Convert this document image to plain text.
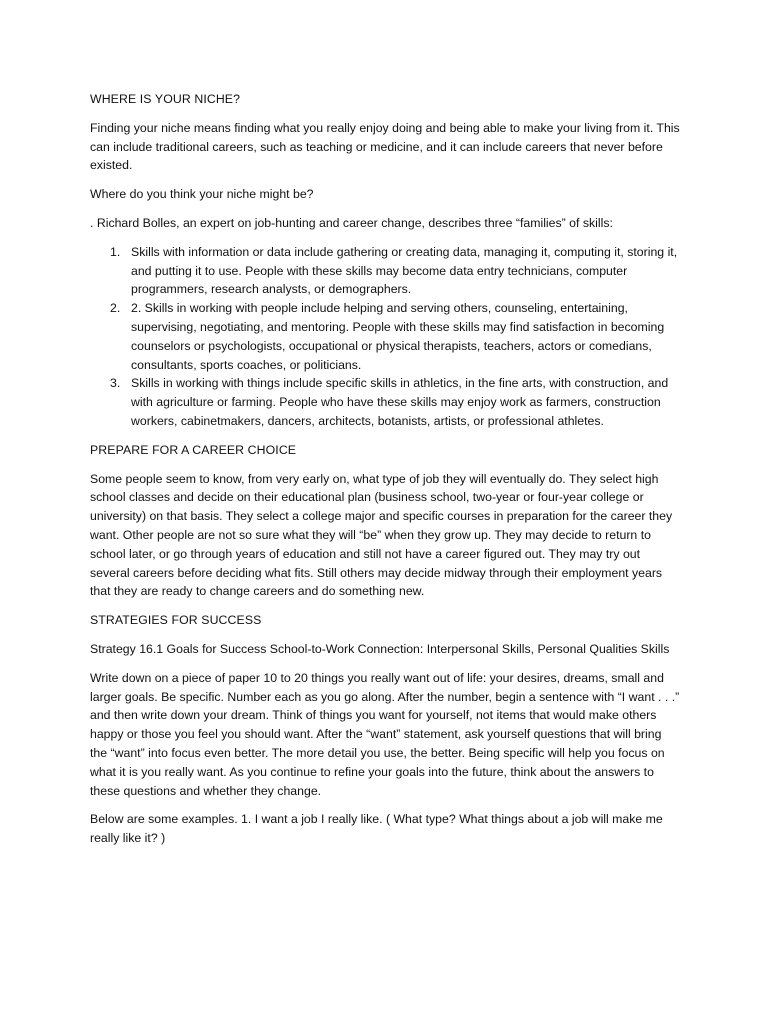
WHERE IS YOUR NICHE?

Finding your niche means finding what you really enjoy doing and being able to make your living from it. This can include traditional careers, such as teaching or medicine, and it can include careers that never before existed.

Where do you think your niche might be?

. Richard Bolles, an expert on job-hunting and career change, describes three “families” of skills:

1. Skills with information or data include gathering or creating data, managing it, computing it, storing it, and putting it to use. People with these skills may become data entry technicians, computer programmers, research analysts, or demographers.
2. 2. Skills in working with people include helping and serving others, counseling, entertaining, supervising, negotiating, and mentoring. People with these skills may find satisfaction in becoming counselors or psychologists, occupational or physical therapists, teachers, actors or comedians, consultants, sports coaches, or politicians.
3. Skills in working with things include specific skills in athletics, in the fine arts, with construction, and with agriculture or farming. People who have these skills may enjoy work as farmers, construction workers, cabinetmakers, dancers, architects, botanists, artists, or professional athletes.

PREPARE FOR A CAREER CHOICE

Some people seem to know, from very early on, what type of job they will eventually do. They select high school classes and decide on their educational plan (business school, two-year or four-year college or university) on that basis. They select a college major and specific courses in preparation for the career they want. Other people are not so sure what they will “be” when they grow up. They may decide to return to school later, or go through years of education and still not have a career figured out. They may try out several careers before deciding what fits. Still others may decide midway through their employment years that they are ready to change careers and do something new.

STRATEGIES FOR SUCCESS

Strategy 16.1 Goals for Success School-to-Work Connection: Interpersonal Skills, Personal Qualities Skills

Write down on a piece of paper 10 to 20 things you really want out of life: your desires, dreams, small and larger goals. Be specific. Number each as you go along. After the number, begin a sentence with “I want . . .” and then write down your dream. Think of things you want for yourself, not items that would make others happy or those you feel you should want. After the “want” statement, ask yourself questions that will bring the “want” into focus even better. The more detail you use, the better. Being specific will help you focus on what it is you really want. As you continue to refine your goals into the future, think about the answers to these questions and whether they change.

Below are some examples. 1. I want a job I really like. ( What type? What things about a job will make me really like it? )
